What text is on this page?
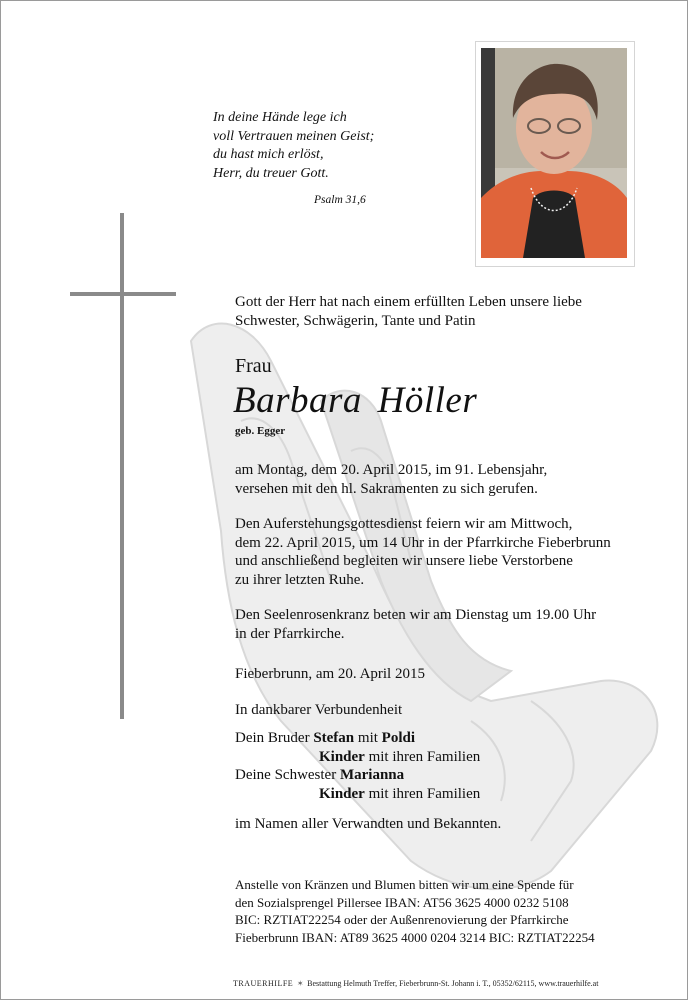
In deine Hände lege ich
voll Vertrauen meinen Geist;
du hast mich erlöst,
Herr, du treuer Gott.
Psalm 31,6
Gott der Herr hat nach einem erfüllten Leben unsere liebe
Schwester, Schwägerin, Tante und Patin
Frau
Barbara Höller
geb. Egger
am Montag, dem 20. April 2015, im 91. Lebensjahr,
versehen mit den hl. Sakramenten zu sich gerufen.
Den Auferstehungsgottesdienst feiern wir am Mittwoch,
dem 22. April 2015, um 14 Uhr in der Pfarrkirche Fieberbrunn
und anschließend begleiten wir unsere liebe Verstorbene
zu ihrer letzten Ruhe.
Den Seelenrosenkranz beten wir am Dienstag um 19.00 Uhr
in der Pfarrkirche.
Fieberbrunn, am 20. April 2015
In dankbarer Verbundenheit
Dein Bruder Stefan mit Poldi
Kinder mit ihren Familien
Deine Schwester Marianna
Kinder mit ihren Familien
im Namen aller Verwandten und Bekannten.
Anstelle von Kränzen und Blumen bitten wir um eine Spende für
den Sozialsprengel Pillersee IBAN: AT56 3625 4000 0232 5108
BIC: RZTIAT22254 oder der Außenrenovierung der Pfarrkirche
Fieberbrunn IBAN: AT89 3625 4000 0204 3214 BIC: RZTIAT22254
TRAUERHILFE ✶ Bestattung Helmuth Treffer, Fieberbrunn-St. Johann i. T., 05352/62115, www.trauerhilfe.at
